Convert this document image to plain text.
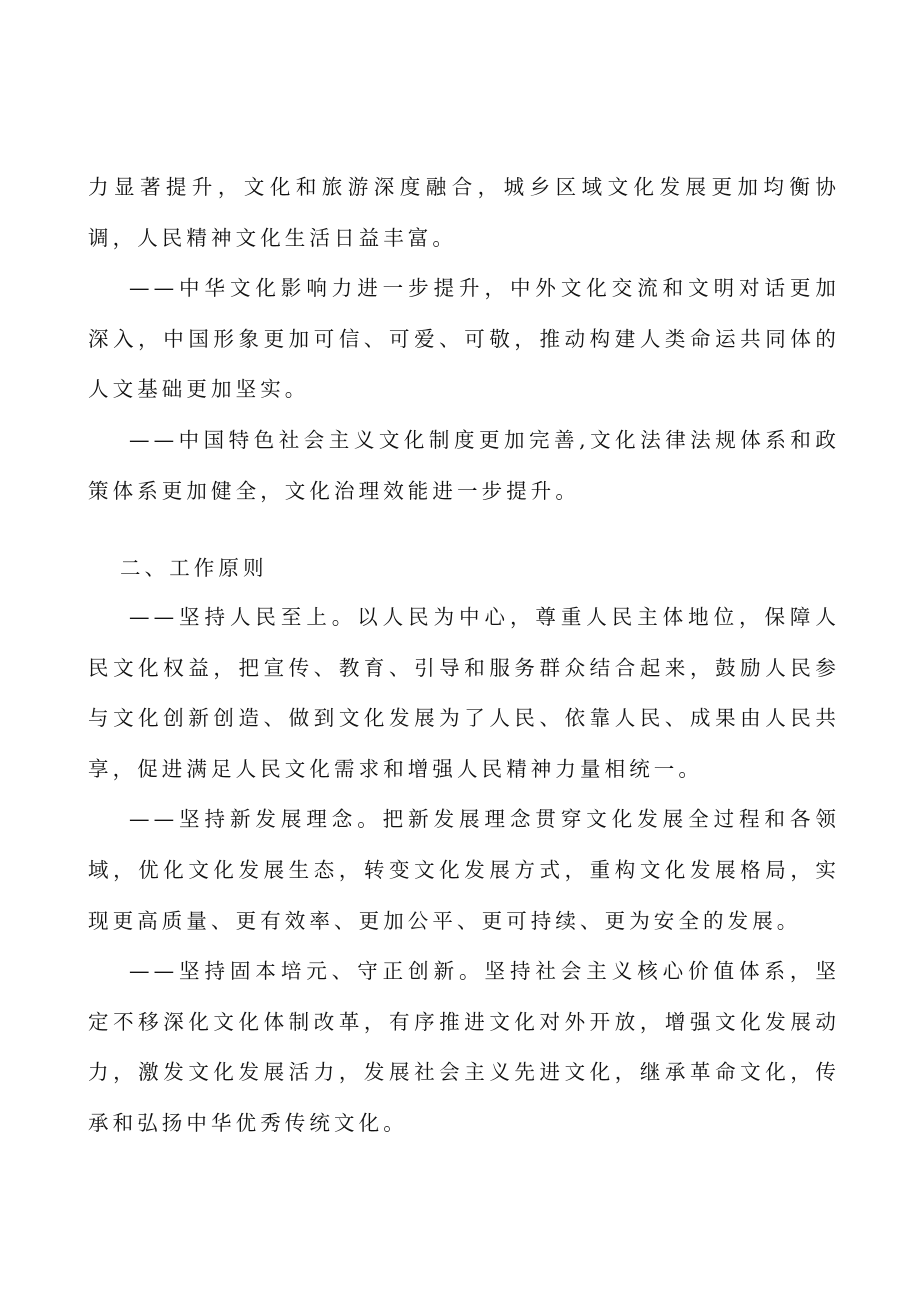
力显著提升，文化和旅游深度融合，城乡区域文化发展更加均衡协调，人民精神文化生活日益丰富。

——中华文化影响力进一步提升，中外文化交流和文明对话更加深入，中国形象更加可信、可爱、可敬，推动构建人类命运共同体的人文基础更加坚实。

——中国特色社会主义文化制度更加完善,文化法律法规体系和政策体系更加健全，文化治理效能进一步提升。

二、工作原则

——坚持人民至上。以人民为中心，尊重人民主体地位，保障人民文化权益，把宣传、教育、引导和服务群众结合起来，鼓励人民参与文化创新创造、做到文化发展为了人民、依靠人民、成果由人民共享，促进满足人民文化需求和增强人民精神力量相统一。

——坚持新发展理念。把新发展理念贯穿文化发展全过程和各领域，优化文化发展生态，转变文化发展方式，重构文化发展格局，实现更高质量、更有效率、更加公平、更可持续、更为安全的发展。

——坚持固本培元、守正创新。坚持社会主义核心价值体系，坚定不移深化文化体制改革，有序推进文化对外开放，增强文化发展动力，激发文化发展活力，发展社会主义先进文化，继承革命文化，传承和弘扬中华优秀传统文化。
